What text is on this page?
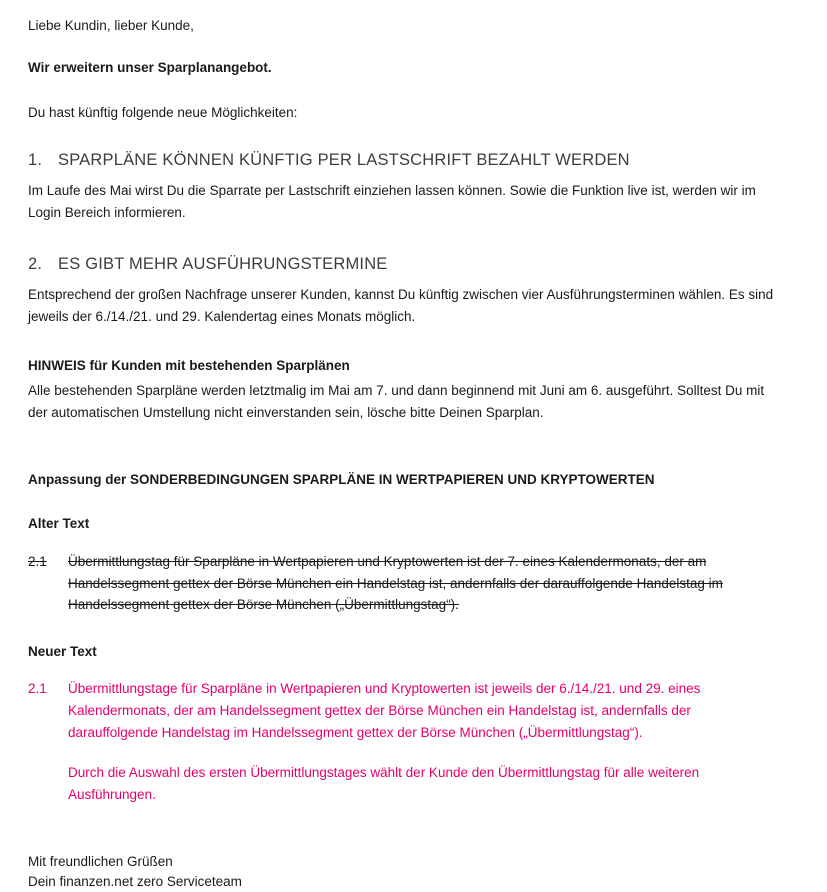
Liebe Kundin, lieber Kunde,

Wir erweitern unser Sparplanangebot.

Du hast künftig folgende neue Möglichkeiten:

1. SPARPLÄNE KÖNNEN KÜNFTIG PER LASTSCHRIFT BEZAHLT WERDEN

Im Laufe des Mai wirst Du die Sparrate per Lastschrift einziehen lassen können. Sowie die Funktion live ist, werden wir im Login Bereich informieren.

2. ES GIBT MEHR AUSFÜHRUNGSTERMINE

Entsprechend der großen Nachfrage unserer Kunden, kannst Du künftig zwischen vier Ausführungsterminen wählen. Es sind jeweils der 6./14./21. und 29. Kalendertag eines Monats möglich.

HINWEIS für Kunden mit bestehenden Sparplänen

Alle bestehenden Sparpläne werden letztmalig im Mai am 7. und dann beginnend mit Juni am 6. ausgeführt. Solltest Du mit der automatischen Umstellung nicht einverstanden sein, lösche bitte Deinen Sparplan.

Anpassung der SONDERBEDINGUNGEN SPARPLÄNE IN WERTPAPIEREN UND KRYPTOWERTEN

Alter Text

2.1	Übermittlungstag für Sparpläne in Wertpapieren und Kryptowerten ist der 7. eines Kalendermonats, der am Handelssegment gettex der Börse München ein Handelstag ist, andernfalls der darauffolgende Handelstag im Handelssegment gettex der Börse München („Übermittlungstag“).

Neuer Text

2.1	Übermittlungstage für Sparpläne in Wertpapieren und Kryptowerten ist jeweils der 6./14./21. und 29. eines Kalendermonats, der am Handelssegment gettex der Börse München ein Handelstag ist, andernfalls der darauffolgende Handelstag im Handelssegment gettex der Börse München („Übermittlungstag“).

Durch die Auswahl des ersten Übermittlungstages wählt der Kunde den Übermittlungstag für alle weiteren Ausführungen.

Mit freundlichen Grüßen
Dein finanzen.net zero Serviceteam
